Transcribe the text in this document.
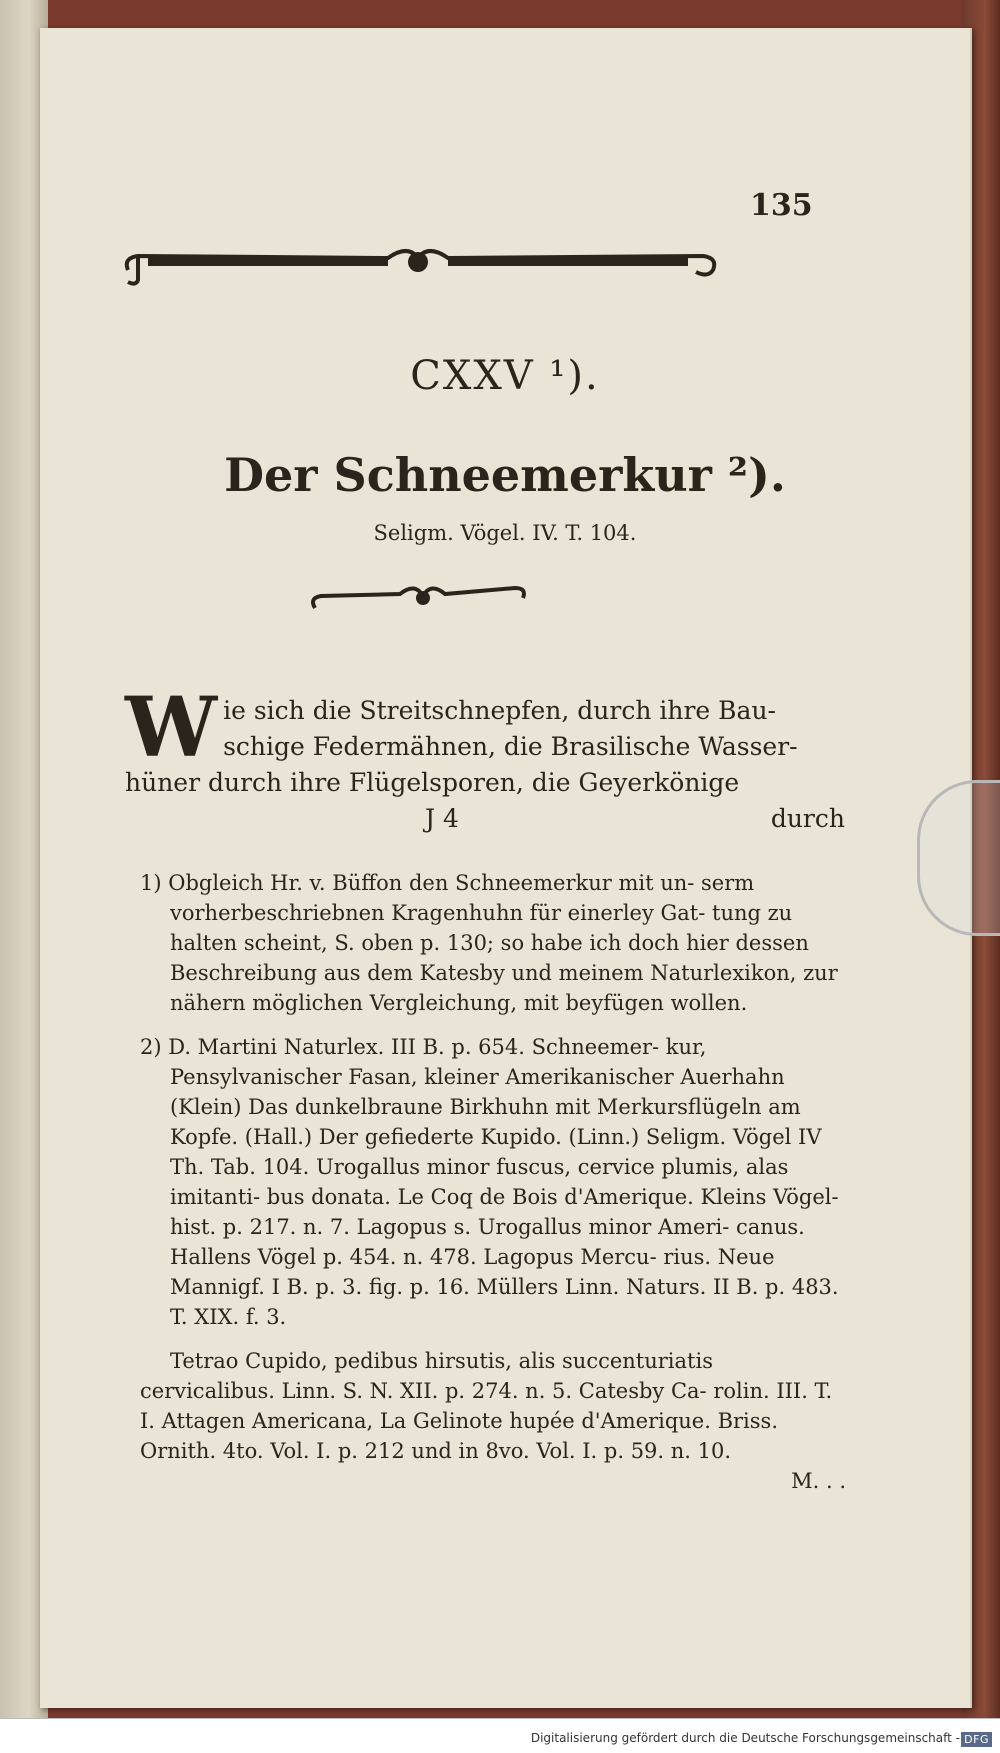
135
CXXV ¹).
Der Schneemerkur ²).
Seligm. Vögel. IV. T. 104.
W ie sich die Streitschnepfen, durch ihre Bau-
schige Federmähnen, die Brasilische Wasser-
hüner durch ihre Flügelsporen, die Geyerkönige
J 4	durch
1) Obgleich Hr. v. Büffon den Schneemerkur mit un- serm vorherbeschriebnen Kragenhuhn für einerley Gat- tung zu halten scheint, S. oben p. 130; so habe ich doch hier dessen Beschreibung aus dem Katesby und meinem Naturlexikon, zur nähern möglichen Vergleichung, mit beyfügen wollen.
2) D. Martini Naturlex. III B. p. 654. Schneemer- kur, Pensylvanischer Fasan, kleiner Amerikanischer Auerhahn (Klein) Das dunkelbraune Birkhuhn mit Merkursflügeln am Kopfe. (Hall.) Der gefiederte Kupido. (Linn.) Seligm. Vögel IV Th. Tab. 104. Urogallus minor fuscus, cervice plumis, alas imitanti- bus donata. Le Coq de Bois d'Amerique. Kleins Vögel- hist. p. 217. n. 7. Lagopus s. Urogallus minor Ameri- canus. Hallens Vögel p. 454. n. 478. Lagopus Mercu- rius. Neue Mannigf. I B. p. 3. fig. p. 16. Müllers Linn. Naturs. II B. p. 483. T. XIX. f. 3.
Tetrao Cupido, pedibus hirsutis, alis succenturiatis cervicalibus. Linn. S. N. XII. p. 274. n. 5. Catesby Ca- rolin. III. T. I. Attagen Americana, La Gelinote hupée d'Amerique. Briss. Ornith. 4to. Vol. I. p. 212 und in 8vo. Vol. I. p. 59. n. 10.
M. . .
Digitalisierung gefördert durch die Deutsche Forschungsgemeinschaft - DFG
